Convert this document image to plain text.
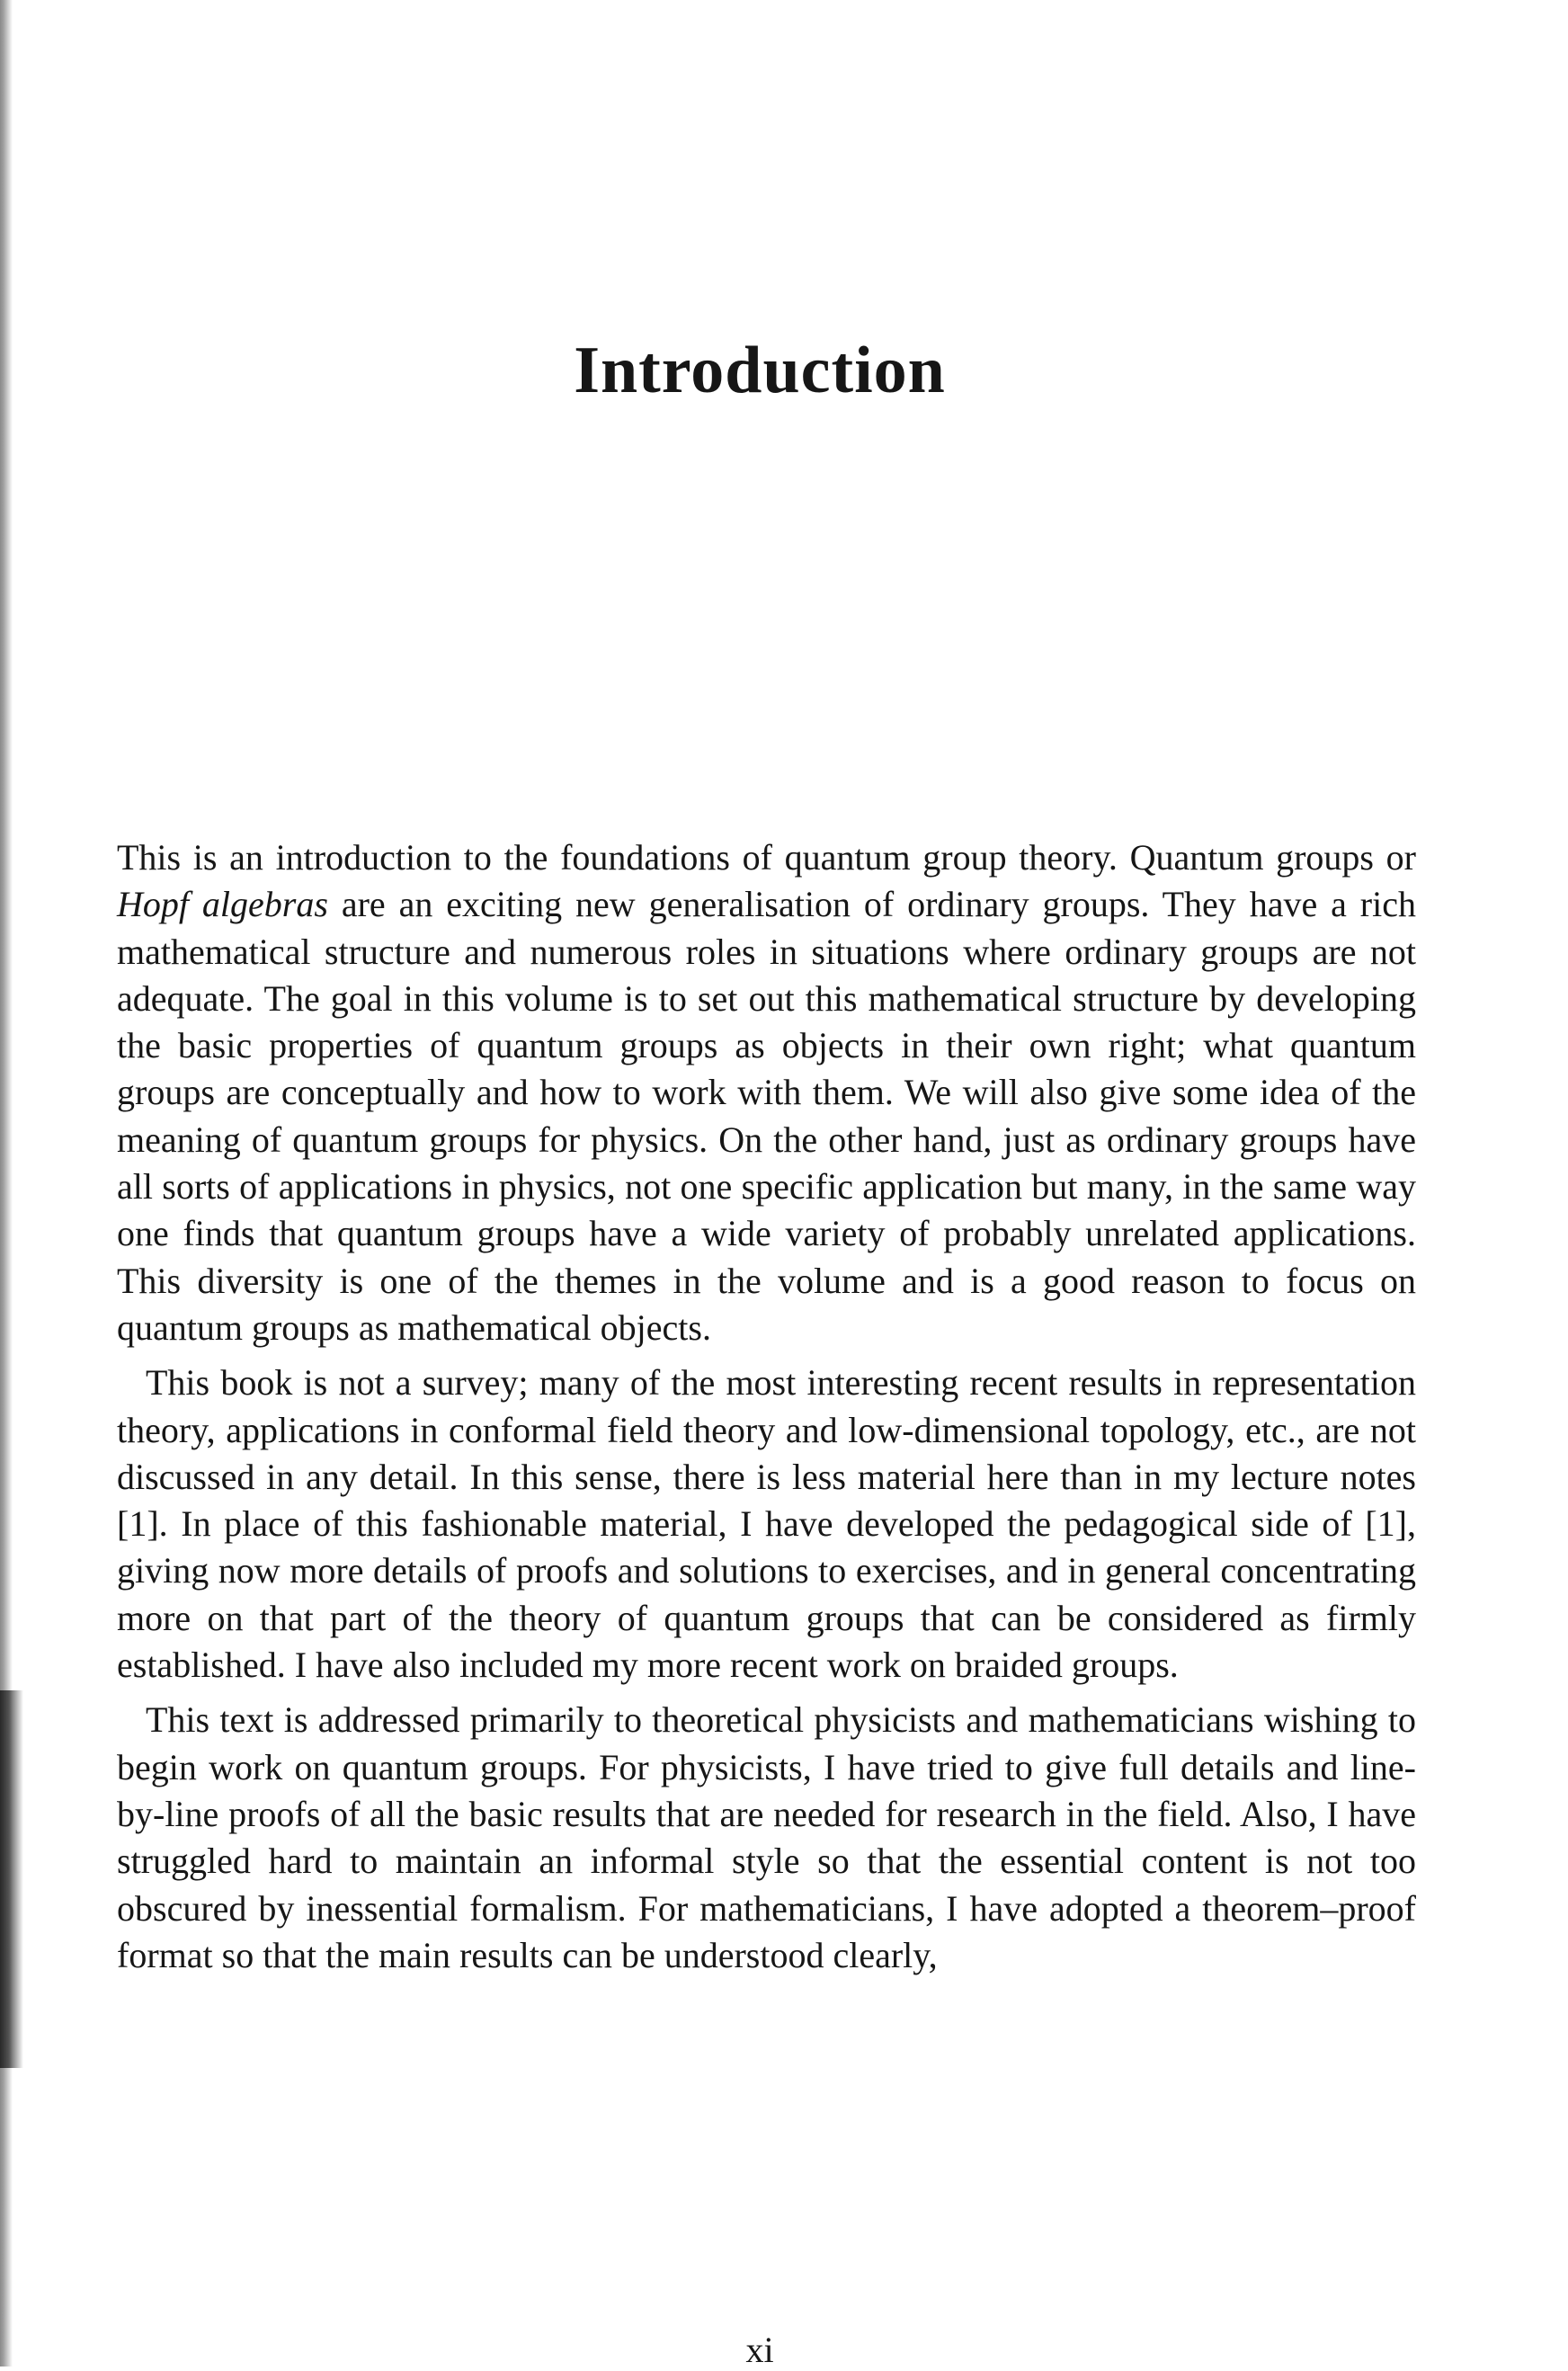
Introduction

This is an introduction to the foundations of quantum group theory. Quantum groups or Hopf algebras are an exciting new generalisation of ordinary groups. They have a rich mathematical structure and numerous roles in situations where ordinary groups are not adequate. The goal in this volume is to set out this mathematical structure by developing the basic properties of quantum groups as objects in their own right; what quantum groups are conceptually and how to work with them. We will also give some idea of the meaning of quantum groups for physics. On the other hand, just as ordinary groups have all sorts of applications in physics, not one specific application but many, in the same way one finds that quantum groups have a wide variety of probably unrelated applications. This diversity is one of the themes in the volume and is a good reason to focus on quantum groups as mathematical objects.

This book is not a survey; many of the most interesting recent results in representation theory, applications in conformal field theory and low-dimensional topology, etc., are not discussed in any detail. In this sense, there is less material here than in my lecture notes [1]. In place of this fashionable material, I have developed the pedagogical side of [1], giving now more details of proofs and solutions to exercises, and in general concentrating more on that part of the theory of quantum groups that can be considered as firmly established. I have also included my more recent work on braided groups.

This text is addressed primarily to theoretical physicists and mathematicians wishing to begin work on quantum groups. For physicists, I have tried to give full details and line-by-line proofs of all the basic results that are needed for research in the field. Also, I have struggled hard to maintain an informal style so that the essential content is not too obscured by inessential formalism. For mathematicians, I have adopted a theorem–proof format so that the main results can be understood clearly,

xi
